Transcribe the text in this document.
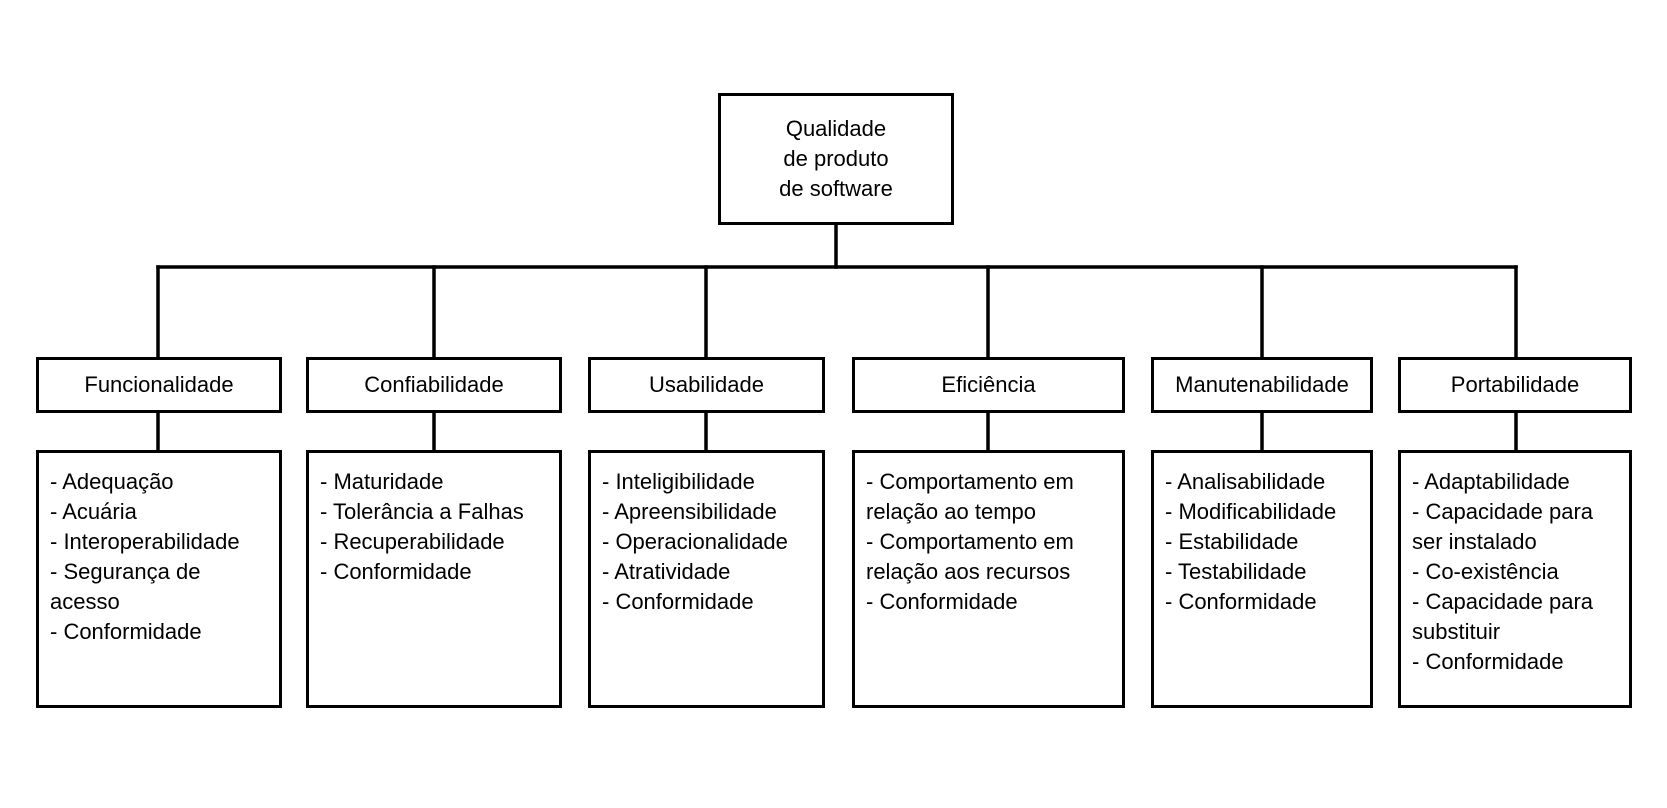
Qualidade
de produto
de software
Funcionalidade
- Adequação
- Acuária
- Interoperabilidade
- Segurança de
acesso
- Conformidade
Confiabilidade
- Maturidade
- Tolerância a Falhas
- Recuperabilidade
- Conformidade
Usabilidade
- Inteligibilidade
- Apreensibilidade
- Operacionalidade
- Atratividade
- Conformidade
Eficiência
- Comportamento em
relação ao tempo
- Comportamento em
relação aos recursos
- Conformidade
Manutenabilidade
- Analisabilidade
- Modificabilidade
- Estabilidade
- Testabilidade
- Conformidade
Portabilidade
- Adaptabilidade
- Capacidade para
ser instalado
- Co-existência
- Capacidade para
substituir
- Conformidade
